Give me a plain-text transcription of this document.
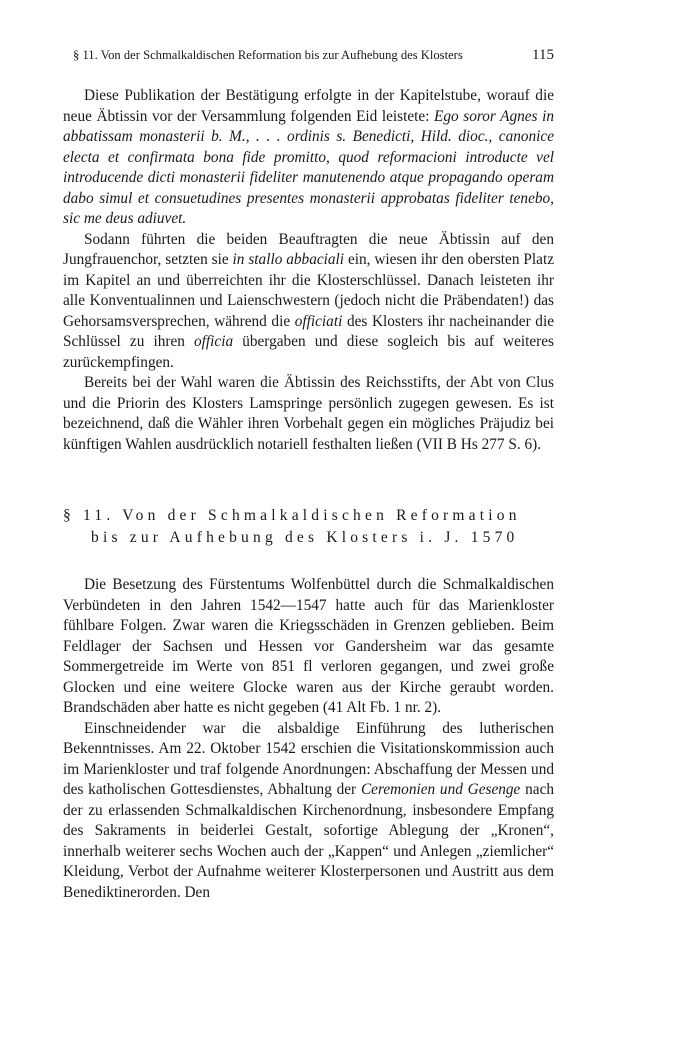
§ 11. Von der Schmalkaldischen Reformation bis zur Aufhebung des Klosters	115

Diese Publikation der Bestätigung erfolgte in der Kapitelstube, worauf die neue Äbtissin vor der Versammlung folgenden Eid leistete: Ego soror Agnes in abbatissam monasterii b. M., . . . ordinis s. Benedicti, Hild. dioc., canonice electa et confirmata bona fide promitto, quod reformacioni introducte vel introducende dicti monasterii fideliter manutenendo atque propagando operam dabo simul et consuetudines presentes monasterii approbatas fideliter tenebo, sic me deus adiuvet.

Sodann führten die beiden Beauftragten die neue Äbtissin auf den Jungfrauenchor, setzten sie in stallo abbaciali ein, wiesen ihr den obersten Platz im Kapitel an und überreichten ihr die Klosterschlüssel. Danach leisteten ihr alle Konventualinnen und Laienschwestern (jedoch nicht die Präbendaten!) das Gehorsamsversprechen, während die officiati des Klosters ihr nacheinander die Schlüssel zu ihren officia übergaben und diese sogleich bis auf weiteres zurückempfingen.

Bereits bei der Wahl waren die Äbtissin des Reichsstifts, der Abt von Clus und die Priorin des Klosters Lamspringe persönlich zugegen gewesen. Es ist bezeichnend, daß die Wähler ihren Vorbehalt gegen ein mögliches Präjudiz bei künftigen Wahlen ausdrücklich notariell festhalten ließen (VII B Hs 277 S. 6).

§ 11. Von der Schmalkaldischen Reformation
bis zur Aufhebung des Klosters i. J. 1570

Die Besetzung des Fürstentums Wolfenbüttel durch die Schmalkaldischen Verbündeten in den Jahren 1542—1547 hatte auch für das Marienkloster fühlbare Folgen. Zwar waren die Kriegsschäden in Grenzen geblieben. Beim Feldlager der Sachsen und Hessen vor Gandersheim war das gesamte Sommergetreide im Werte von 851 fl verloren gegangen, und zwei große Glocken und eine weitere Glocke waren aus der Kirche geraubt worden. Brandschäden aber hatte es nicht gegeben (41 Alt Fb. 1 nr. 2).

Einschneidender war die alsbaldige Einführung des lutherischen Bekenntnisses. Am 22. Oktober 1542 erschien die Visitationskommission auch im Marienkloster und traf folgende Anordnungen: Abschaffung der Messen und des katholischen Gottesdienstes, Abhaltung der Ceremonien und Gesenge nach der zu erlassenden Schmalkaldischen Kirchenordnung, insbesondere Empfang des Sakraments in beiderlei Gestalt, sofortige Ablegung der „Kronen“, innerhalb weiterer sechs Wochen auch der „Kappen“ und Anlegen „ziemlicher“ Kleidung, Verbot der Aufnahme weiterer Klosterpersonen und Austritt aus dem Benediktinerorden. Den
